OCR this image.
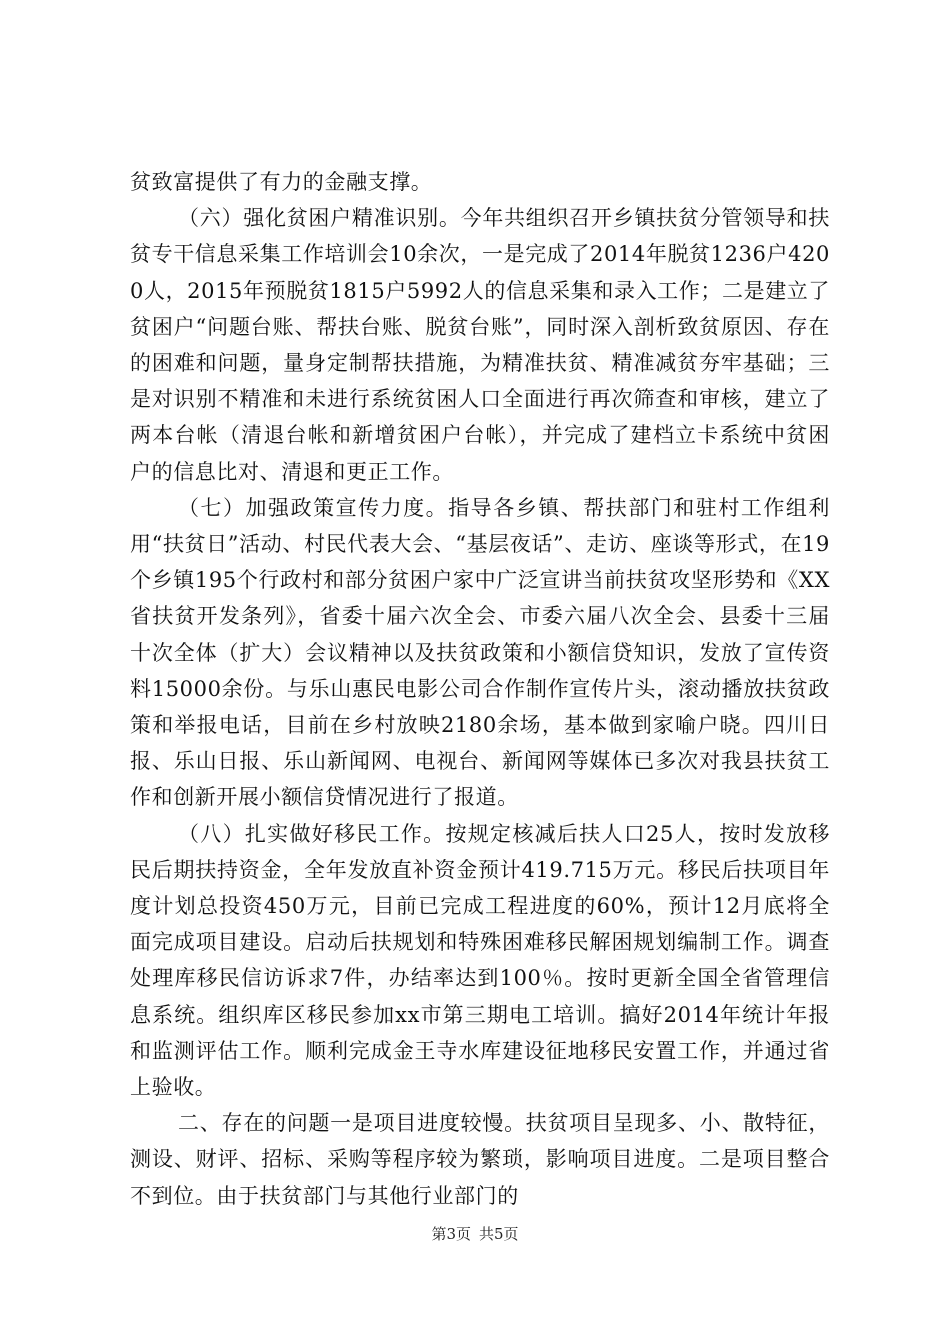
贫致富提供了有力的金融支撑。

（六）强化贫困户精准识别。今年共组织召开乡镇扶贫分管领导和扶贫专干信息采集工作培训会10余次，一是完成了2014年脱贫1236户4200人，2015年预脱贫1815户5992人的信息采集和录入工作；二是建立了贫困户“问题台账、帮扶台账、脱贫台账”，同时深入剖析致贫原因、存在的困难和问题，量身定制帮扶措施，为精准扶贫、精准减贫夯牢基础；三是对识别不精准和未进行系统贫困人口全面进行再次筛查和审核，建立了两本台帐（清退台帐和新增贫困户台帐），并完成了建档立卡系统中贫困户的信息比对、清退和更正工作。

（七）加强政策宣传力度。指导各乡镇、帮扶部门和驻村工作组利用“扶贫日”活动、村民代表大会、“基层夜话”、走访、座谈等形式，在19个乡镇195个行政村和部分贫困户家中广泛宣讲当前扶贫攻坚形势和《XX省扶贫开发条列》，省委十届六次全会、市委六届八次全会、县委十三届十次全体（扩大）会议精神以及扶贫政策和小额信贷知识，发放了宣传资料15000余份。与乐山惠民电影公司合作制作宣传片头，滚动播放扶贫政策和举报电话，目前在乡村放映2180余场，基本做到家喻户晓。四川日报、乐山日报、乐山新闻网、电视台、新闻网等媒体已多次对我县扶贫工作和创新开展小额信贷情况进行了报道。

（八）扎实做好移民工作。按规定核减后扶人口25人，按时发放移民后期扶持资金，全年发放直补资金预计419.715万元。移民后扶项目年度计划总投资450万元，目前已完成工程进度的60%，预计12月底将全面完成项目建设。启动后扶规划和特殊困难移民解困规划编制工作。调查处理库移民信访诉求7件，办结率达到100％。按时更新全国全省管理信息系统。组织库区移民参加xx市第三期电工培训。搞好2014年统计年报和监测评估工作。顺利完成金王寺水库建设征地移民安置工作，并通过省上验收。

二、存在的问题一是项目进度较慢。扶贫项目呈现多、小、散特征，测设、财评、招标、采购等程序较为繁琐，影响项目进度。二是项目整合不到位。由于扶贫部门与其他行业部门的

第3页 共5页
